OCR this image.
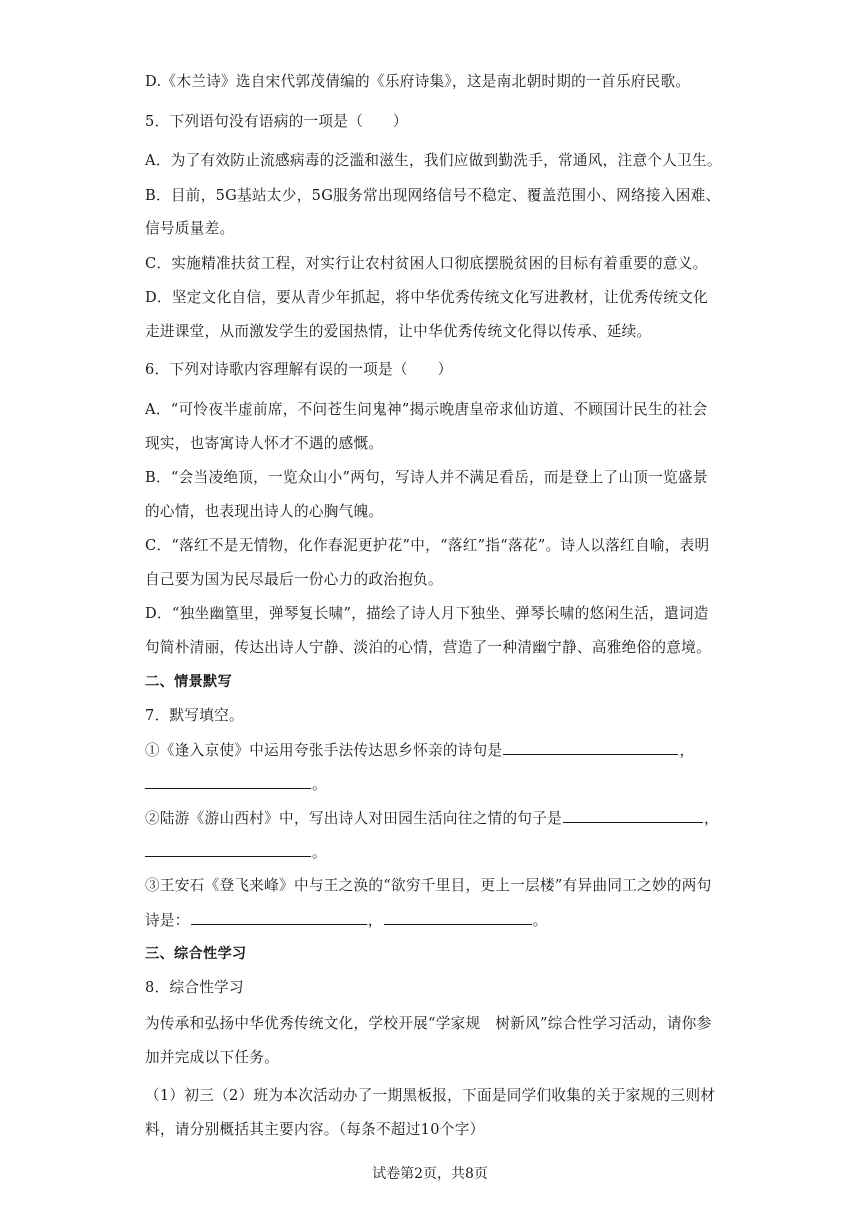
D.《木兰诗》选自宋代郭茂倩编的《乐府诗集》，这是南北朝时期的一首乐府民歌。
5．下列语句没有语病的一项是（　　）
A．为了有效防止流感病毒的泛滥和滋生，我们应做到勤洗手，常通风，注意个人卫生。
B．目前，5G基站太少，5G服务常出现网络信号不稳定、覆盖范围小、网络接入困难、
信号质量差。
C．实施精准扶贫工程，对实行让农村贫困人口彻底摆脱贫困的目标有着重要的意义。
D．坚定文化自信，要从青少年抓起，将中华优秀传统文化写进教材，让优秀传统文化
走进课堂，从而激发学生的爱国热情，让中华优秀传统文化得以传承、延续。
6．下列对诗歌内容理解有误的一项是（　　）
A．“可怜夜半虚前席，不问苍生问鬼神”揭示晚唐皇帝求仙访道、不顾国计民生的社会
现实，也寄寓诗人怀才不遇的感慨。
B．“会当凌绝顶，一览众山小”两句，写诗人并不满足看岳，而是登上了山顶一览盛景
的心情，也表现出诗人的心胸气魄。
C．“落红不是无情物，化作春泥更护花”中，“落红”指“落花”。诗人以落红自喻，表明
自己要为国为民尽最后一份心力的政治抱负。
D．“独坐幽篁里，弹琴复长啸”，描绘了诗人月下独坐、弹琴长啸的悠闲生活，遣词造
句简朴清丽，传达出诗人宁静、淡泊的心情，营造了一种清幽宁静、高雅绝俗的意境。
二、情景默写
7．默写填空。
①《逢入京使》中运用夸张手法传达思乡怀亲的诗句是	，
。
②陆游《游山西村》中，写出诗人对田园生活向往之情的句子是	，
。
③王安石《登飞来峰》中与王之涣的“欲穷千里目，更上一层楼”有异曲同工之妙的两句
诗是：	，	。
三、综合性学习
8．综合性学习
为传承和弘扬中华优秀传统文化，学校开展“学家规　树新风”综合性学习活动，请你参
加并完成以下任务。
（1）初三（2）班为本次活动办了一期黑板报，下面是同学们收集的关于家规的三则材
料，请分别概括其主要内容。（每条不超过10个字）
试卷第2页，共8页
